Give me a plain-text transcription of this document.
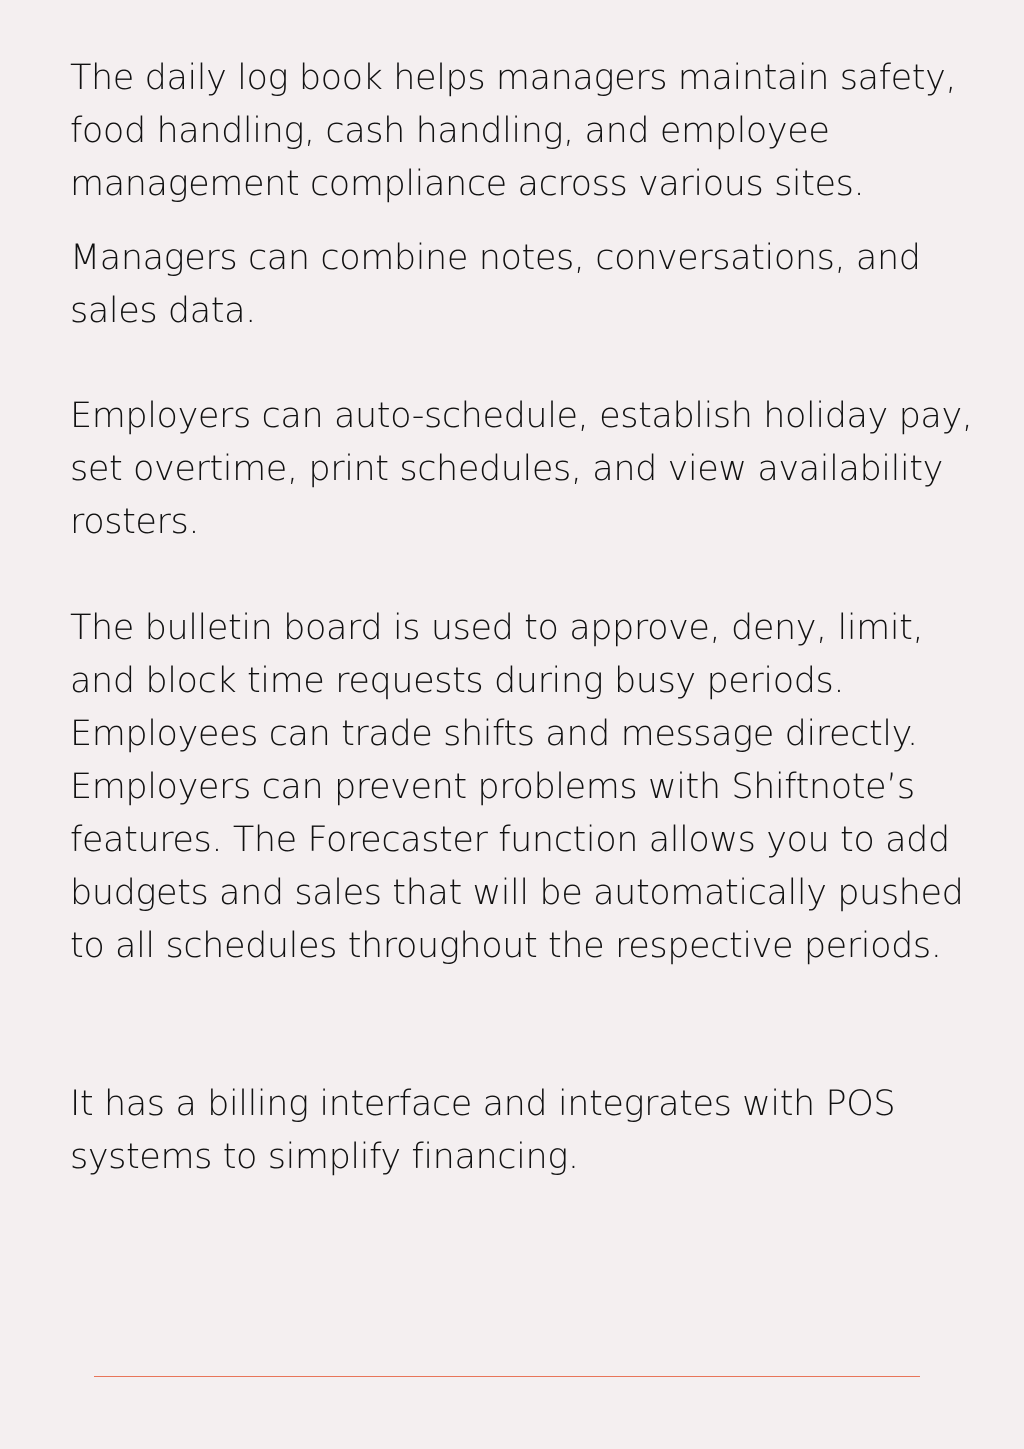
The daily log book helps managers maintain safety,
food handling, cash handling, and employee
management compliance across various sites.

Managers can combine notes, conversations, and
sales data.

Employers can auto-schedule, establish holiday pay,
set overtime, print schedules, and view availability
rosters.

The bulletin board is used to approve, deny, limit,
and block time requests during busy periods.
Employees can trade shifts and message directly.
Employers can prevent problems with Shiftnote’s
features. The Forecaster function allows you to add
budgets and sales that will be automatically pushed
to all schedules throughout the respective periods.

It has a billing interface and integrates with POS
systems to simplify financing.
